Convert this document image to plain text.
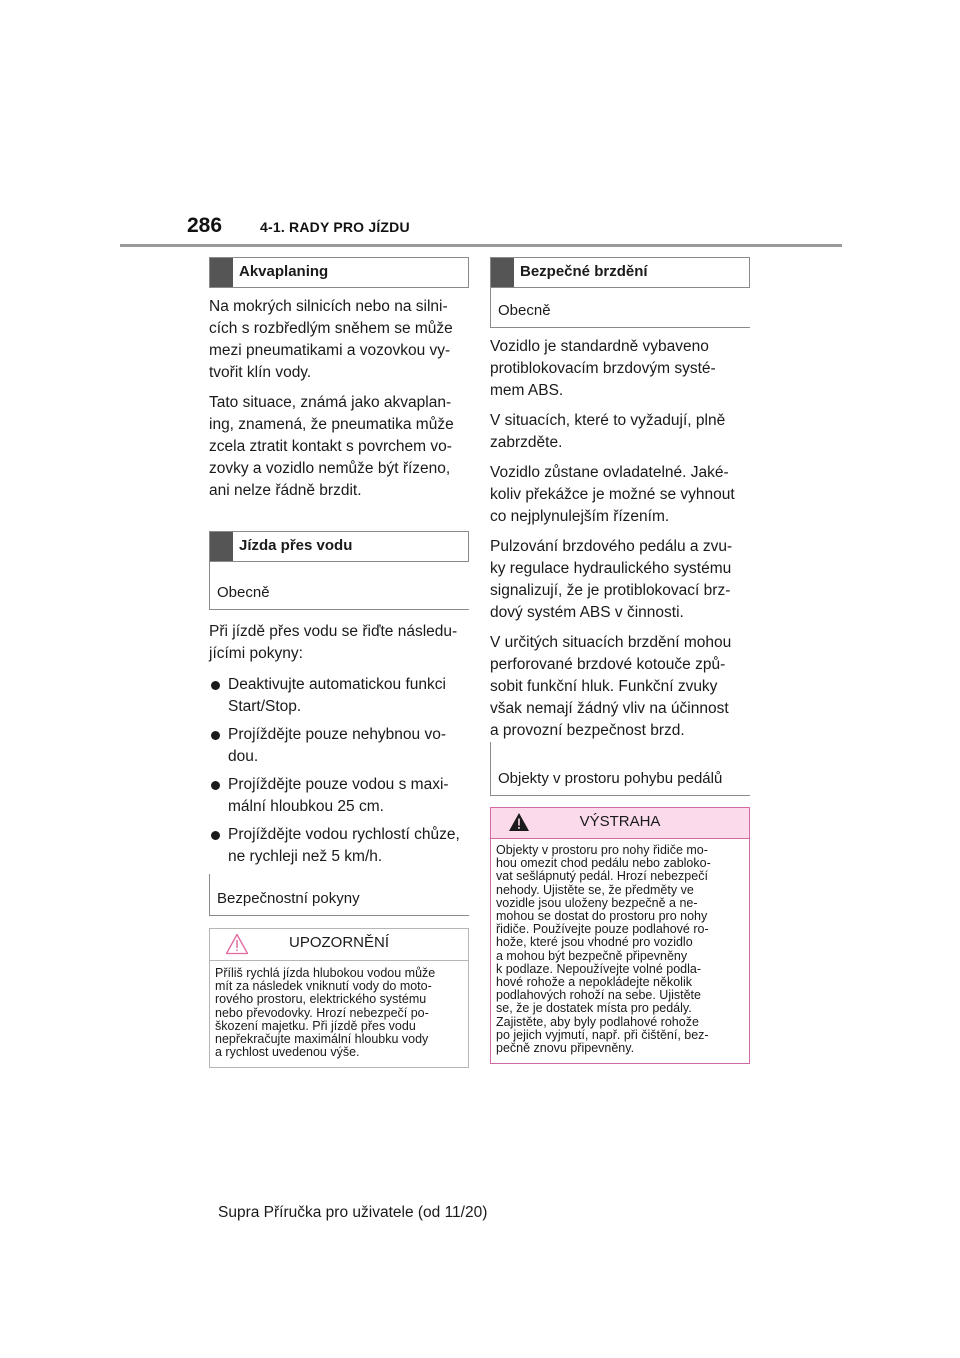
286	4-1. RADY PRO JÍZDU
Akvaplaning

Na mokrých silnicích nebo na silni-
cích s rozbředlým sněhem se může
mezi pneumatikami a vozovkou vy-
tvořit klín vody.

Tato situace, známá jako akvaplan-
ing, znamená, že pneumatika může
zcela ztratit kontakt s povrchem vo-
zovky a vozidlo nemůže být řízeno,
ani nelze řádně brzdit.

Jízda přes vodu
Obecně

Při jízdě přes vodu se řiďte následu-
jícími pokyny:

Deaktivujte automatickou funkci
Start/Stop.
Projíždějte pouze nehybnou vo-
dou.
Projíždějte pouze vodou s maxi-
mální hloubkou 25 cm.
Projíždějte vodou rychlostí chůze,
ne rychleji než 5 km/h.
Bezpečnostní pokyny
UPOZORNĚNÍ
Příliš rychlá jízda hlubokou vodou může
mít za následek vniknutí vody do moto-
rového prostoru, elektrického systému
nebo převodovky. Hrozí nebezpečí po-
škození majetku. Při jízdě přes vodu
nepřekračujte maximální hloubku vody
a rychlost uvedenou výše.
Bezpečné brzdění
Obecně

Vozidlo je standardně vybaveno
protiblokovacím brzdovým systé-
mem ABS.

V situacích, které to vyžadují, plně
zabrzděte.

Vozidlo zůstane ovladatelné. Jaké-
koliv překážce je možné se vyhnout
co nejplynulejším řízením.

Pulzování brzdového pedálu a zvu-
ky regulace hydraulického systému
signalizují, že je protiblokovací brz-
dový systém ABS v činnosti.

V určitých situacích brzdění mohou
perforované brzdové kotouče způ-
sobit funkční hluk. Funkční zvuky
však nemají žádný vliv na účinnost
a provozní bezpečnost brzd.

Objekty v prostoru pohybu pedálů
VÝSTRAHA
Objekty v prostoru pro nohy řidiče mo-
hou omezit chod pedálu nebo zabloko-
vat sešlápnutý pedál. Hrozí nebezpečí
nehody. Ujistěte se, že předměty ve
vozidle jsou uloženy bezpečně a ne-
mohou se dostat do prostoru pro nohy
řidiče. Používejte pouze podlahové ro-
hože, které jsou vhodné pro vozidlo
a mohou být bezpečně připevněny
k podlaze. Nepoužívejte volné podla-
hové rohože a nepokládejte několik
podlahových rohoží na sebe. Ujistěte
se, že je dostatek místa pro pedály.
Zajistěte, aby byly podlahové rohože
po jejich vyjmutí, např. při čištění, bez-
pečně znovu připevněny.
Supra Příručka pro uživatele (od 11/20)
